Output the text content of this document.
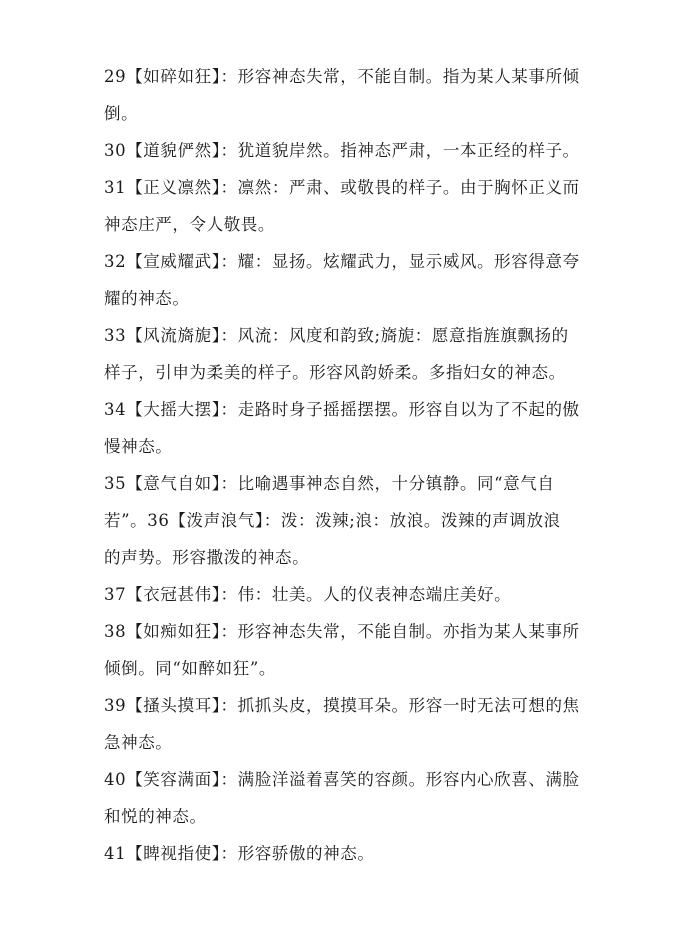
29【如碎如狂】：形容神态失常，不能自制。指为某人某事所倾
倒。
30【道貌俨然】：犹道貌岸然。指神态严肃，一本正经的样子。
31【正义凛然】：凛然：严肃、或敬畏的样子。由于胸怀正义而
神态庄严，令人敬畏。
32【宣威耀武】：耀：显扬。炫耀武力，显示威风。形容得意夸
耀的神态。
33【风流旖旎】：风流：风度和韵致;旖旎：愿意指旌旗飘扬的
样子，引申为柔美的样子。形容风韵娇柔。多指妇女的神态。
34【大摇大摆】：走路时身子摇摇摆摆。形容自以为了不起的傲
慢神态。
35【意气自如】：比喻遇事神态自然，十分镇静。同“意气自
若”。36【泼声浪气】：泼：泼辣;浪：放浪。泼辣的声调放浪
的声势。形容撒泼的神态。
37【衣冠甚伟】：伟：壮美。人的仪表神态端庄美好。
38【如痴如狂】：形容神态失常，不能自制。亦指为某人某事所
倾倒。同“如醉如狂”。
39【搔头摸耳】：抓抓头皮，摸摸耳朵。形容一时无法可想的焦
急神态。
40【笑容满面】：满脸洋溢着喜笑的容颜。形容内心欣喜、满脸
和悦的神态。
41【睥视指使】：形容骄傲的神态。
